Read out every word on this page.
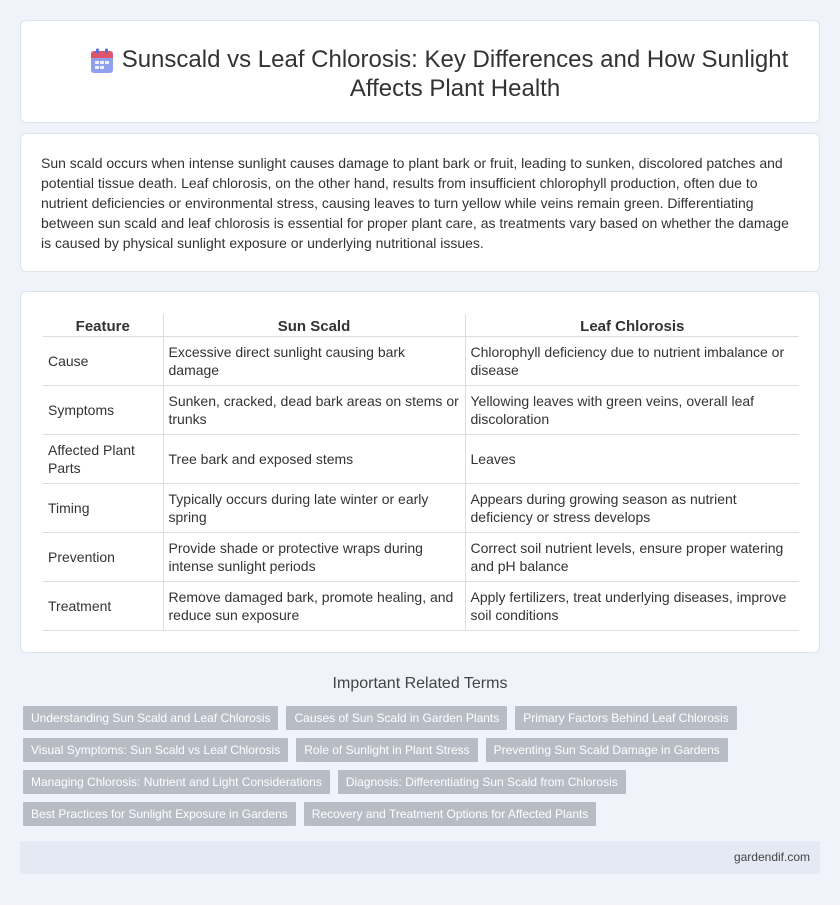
Sunscald vs Leaf Chlorosis: Key Differences and How Sunlight Affects Plant Health

Sun scald occurs when intense sunlight causes damage to plant bark or fruit, leading to sunken, discolored patches and potential tissue death. Leaf chlorosis, on the other hand, results from insufficient chlorophyll production, often due to nutrient deficiencies or environmental stress, causing leaves to turn yellow while veins remain green. Differentiating between sun scald and leaf chlorosis is essential for proper plant care, as treatments vary based on whether the damage is caused by physical sunlight exposure or underlying nutritional issues.

Feature	Sun Scald	Leaf Chlorosis
Cause	Excessive direct sunlight causing bark damage	Chlorophyll deficiency due to nutrient imbalance or disease
Symptoms	Sunken, cracked, dead bark areas on stems or trunks	Yellowing leaves with green veins, overall leaf discoloration
Affected Plant Parts	Tree bark and exposed stems	Leaves
Timing	Typically occurs during late winter or early spring	Appears during growing season as nutrient deficiency or stress develops
Prevention	Provide shade or protective wraps during intense sunlight periods	Correct soil nutrient levels, ensure proper watering and pH balance
Treatment	Remove damaged bark, promote healing, and reduce sun exposure	Apply fertilizers, treat underlying diseases, improve soil conditions
Important Related Terms
Understanding Sun Scald and Leaf Chlorosis	Causes of Sun Scald in Garden Plants	Primary Factors Behind Leaf Chlorosis
Visual Symptoms: Sun Scald vs Leaf Chlorosis	Role of Sunlight in Plant Stress	Preventing Sun Scald Damage in Gardens
Managing Chlorosis: Nutrient and Light Considerations	Diagnosis: Differentiating Sun Scald from Chlorosis
Best Practices for Sunlight Exposure in Gardens	Recovery and Treatment Options for Affected Plants
gardendif.com
